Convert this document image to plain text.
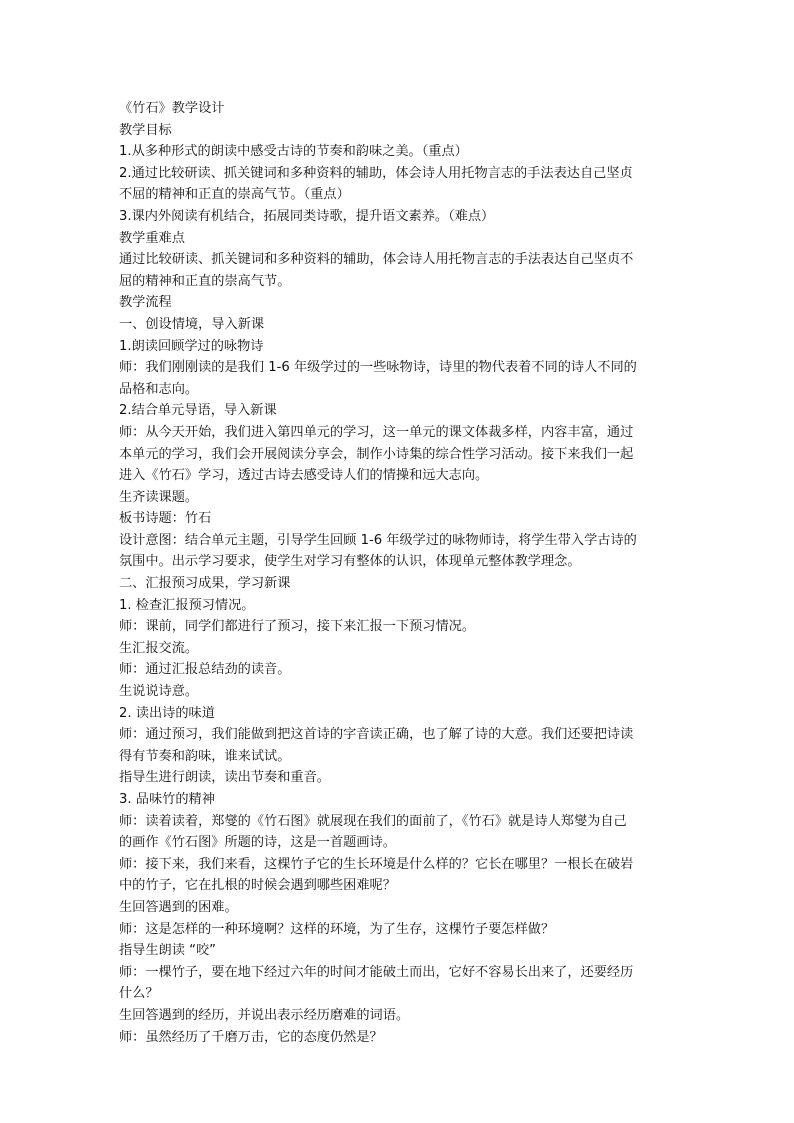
《竹石》教学设计

教学目标

1.从多种形式的朗读中感受古诗的节奏和韵味之美。（重点）

2.通过比较研读、抓关键词和多种资料的辅助，体会诗人用托物言志的手法表达自己坚贞

不屈的精神和正直的崇高气节。（重点）

3.课内外阅读有机结合，拓展同类诗歌，提升语文素养。（难点）

教学重难点

通过比较研读、抓关键词和多种资料的辅助，体会诗人用托物言志的手法表达自己坚贞不

屈的精神和正直的崇高气节。

教学流程

一、创设情境，导入新课

1.朗读回顾学过的咏物诗

师：我们刚刚读的是我们 1-6 年级学过的一些咏物诗，诗里的物代表着不同的诗人不同的

品格和志向。

2.结合单元导语，导入新课

师：从今天开始，我们进入第四单元的学习，这一单元的课文体裁多样，内容丰富，通过

本单元的学习，我们会开展阅读分享会，制作小诗集的综合性学习活动。接下来我们一起

进入《竹石》学习，透过古诗去感受诗人们的情操和远大志向。

生齐读课题。

板书诗题：竹石

设计意图：结合单元主题，引导学生回顾 1-6 年级学过的咏物师诗，将学生带入学古诗的

氛围中。出示学习要求，使学生对学习有整体的认识，体现单元整体教学理念。

二、汇报预习成果，学习新课

1. 检查汇报预习情况。

师：课前，同学们都进行了预习，接下来汇报一下预习情况。

生汇报交流。

师：通过汇报总结劲的读音。

生说说诗意。

2. 读出诗的味道

师：通过预习，我们能做到把这首诗的字音读正确，也了解了诗的大意。我们还要把诗读

得有节奏和韵味，谁来试试。

指导生进行朗读，读出节奏和重音。

3. 品味竹的精神

师：读着读着，郑燮的《竹石图》就展现在我们的面前了，《竹石》就是诗人郑燮为自己

的画作《竹石图》所题的诗，这是一首题画诗。

师：接下来，我们来看，这棵竹子它的生长环境是什么样的？它长在哪里？一根长在破岩

中的竹子，它在扎根的时候会遇到哪些困难呢？

生回答遇到的困难。

师：这是怎样的一种环境啊？这样的环境，为了生存，这棵竹子要怎样做？

指导生朗读 “咬”

师：一棵竹子，要在地下经过六年的时间才能破土而出，它好不容易长出来了，还要经历

什么？

生回答遇到的经历，并说出表示经历磨难的词语。

师：虽然经历了千磨万击，它的态度仍然是？
